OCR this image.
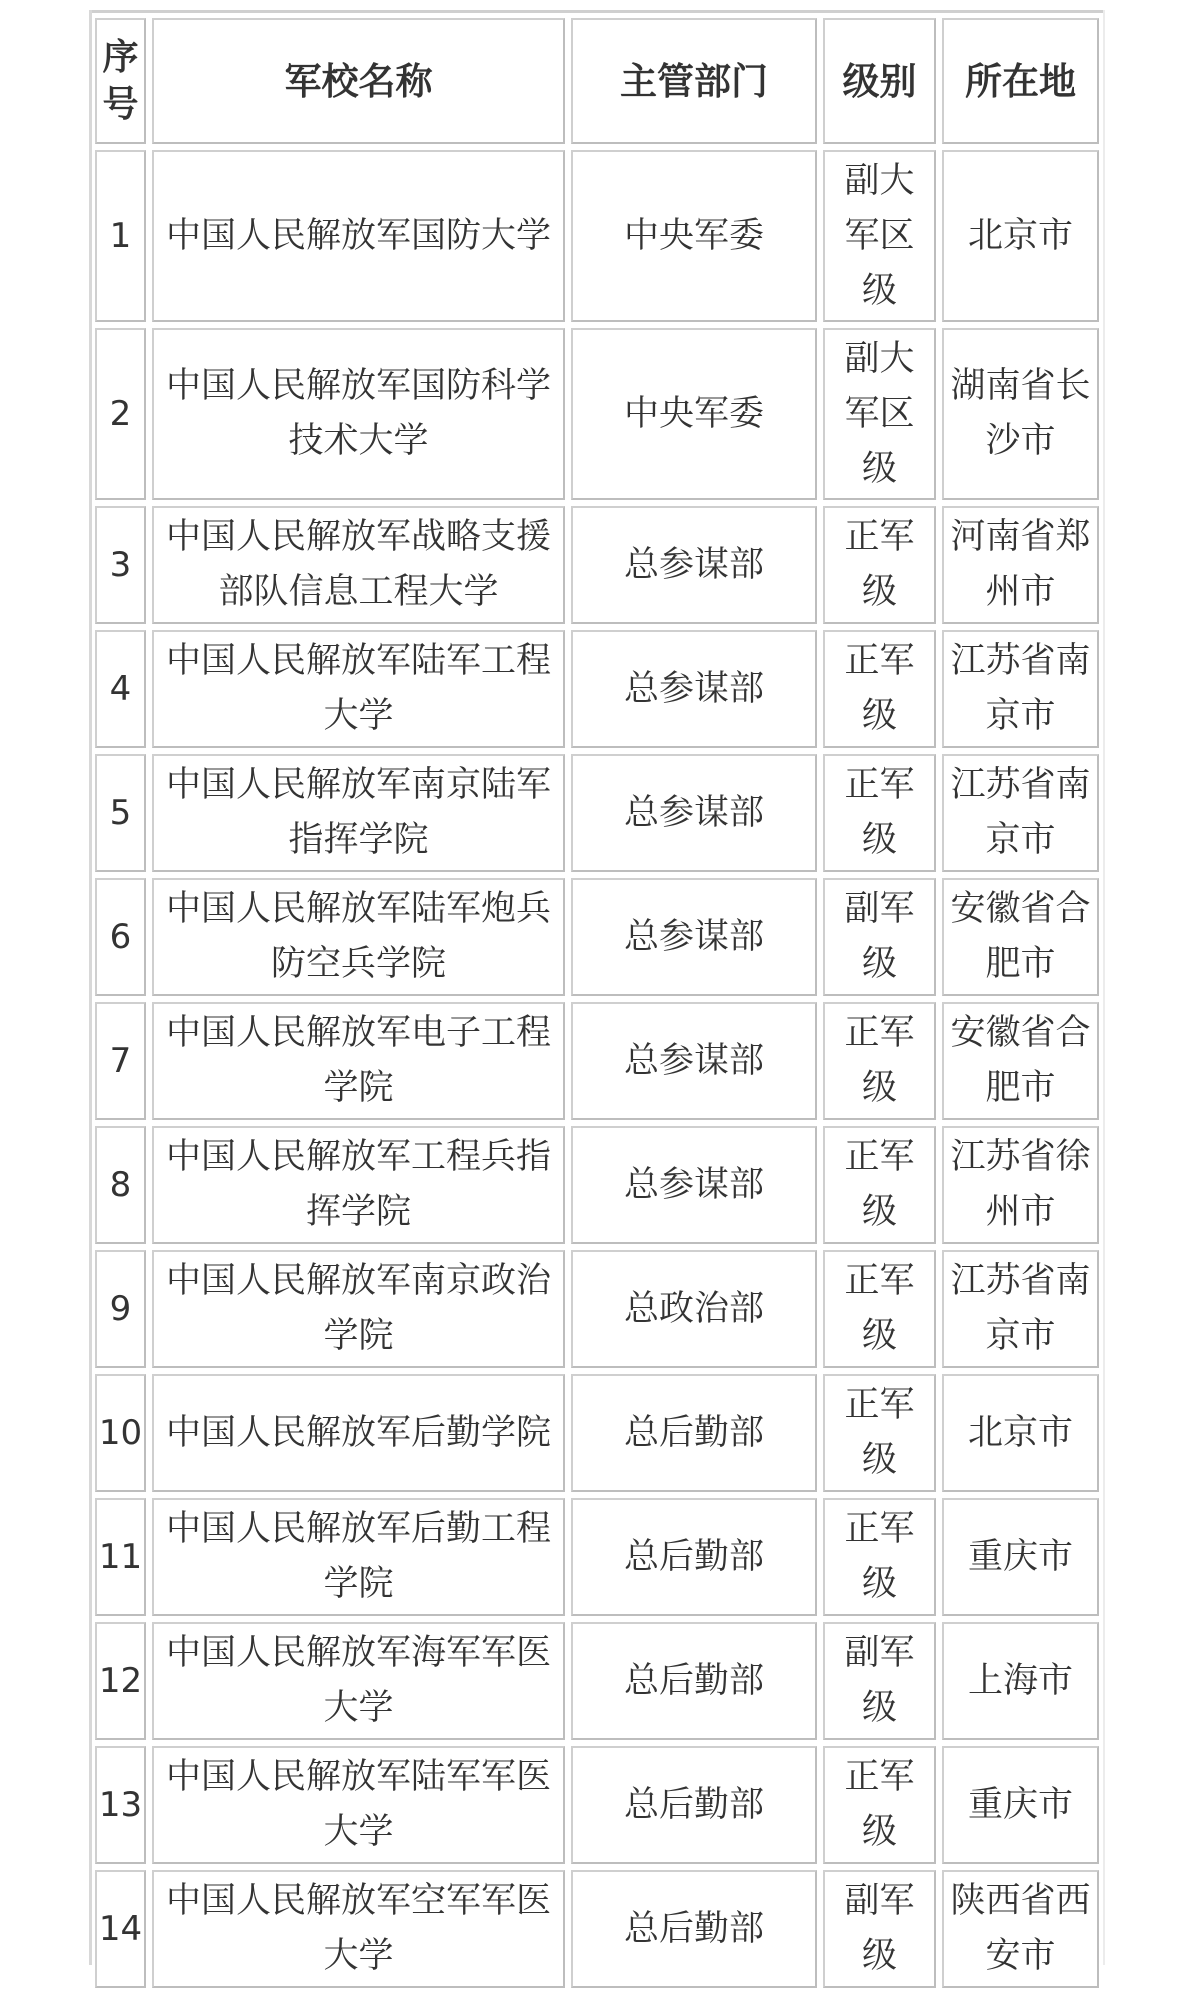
序号	军校名称	主管部门	级别	所在地
1	中国人民解放军国防大学	中央军委	副大军区级	北京市
2	中国人民解放军国防科学技术大学	中央军委	副大军区级	湖南省长沙市
3	中国人民解放军战略支援部队信息工程大学	总参谋部	正军级	河南省郑州市
4	中国人民解放军陆军工程大学	总参谋部	正军级	江苏省南京市
5	中国人民解放军南京陆军指挥学院	总参谋部	正军级	江苏省南京市
6	中国人民解放军陆军炮兵防空兵学院	总参谋部	副军级	安徽省合肥市
7	中国人民解放军电子工程学院	总参谋部	正军级	安徽省合肥市
8	中国人民解放军工程兵指挥学院	总参谋部	正军级	江苏省徐州市
9	中国人民解放军南京政治学院	总政治部	正军级	江苏省南京市
10	中国人民解放军后勤学院	总后勤部	正军级	北京市
11	中国人民解放军后勤工程学院	总后勤部	正军级	重庆市
12	中国人民解放军海军军医大学	总后勤部	副军级	上海市
13	中国人民解放军陆军军医大学	总后勤部	正军级	重庆市
14	中国人民解放军空军军医大学	总后勤部	副军级	陕西省西安市
